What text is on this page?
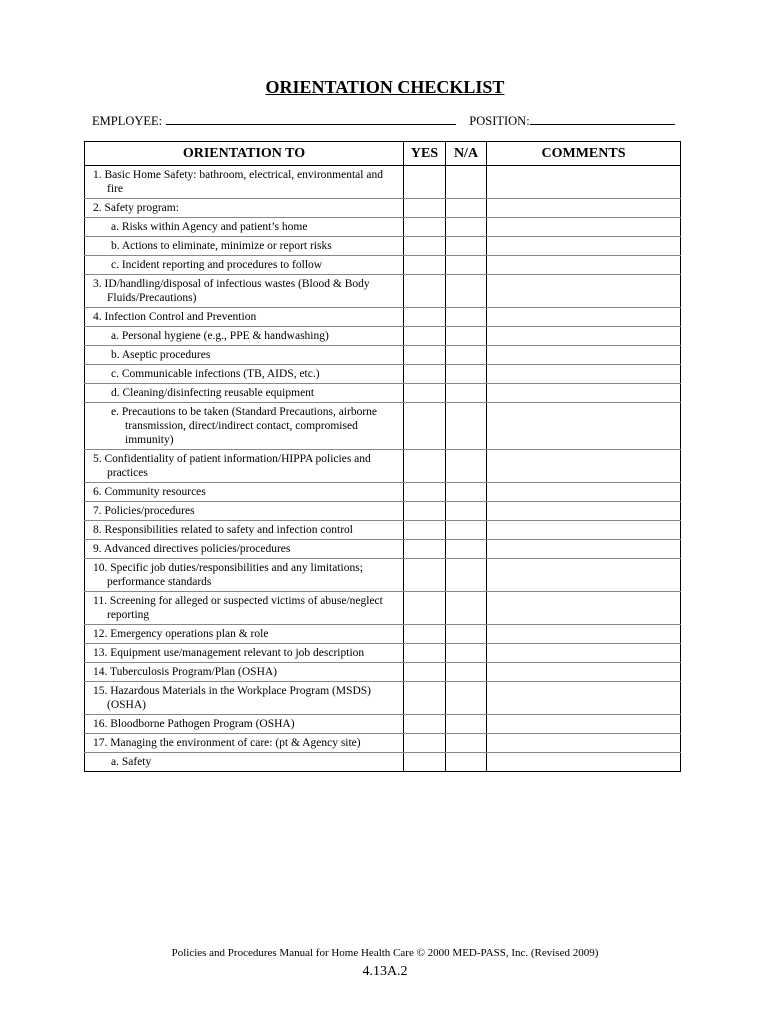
ORIENTATION CHECKLIST
EMPLOYEE:	POSITION:
ORIENTATION TO	YES	N/A	COMMENTS

1. Basic Home Safety: bathroom, electrical, environmental and fire			

2. Safety program:			

a. Risks within Agency and patient’s home			

b. Actions to eliminate, minimize or report risks			

c. Incident reporting and procedures to follow			

3. ID/handling/disposal of infectious wastes (Blood & Body Fluids/Precautions)			

4. Infection Control and Prevention			

a. Personal hygiene (e.g., PPE & handwashing)			

b. Aseptic procedures			

c. Communicable infections (TB, AIDS, etc.)			

d. Cleaning/disinfecting reusable equipment			

e. Precautions to be taken (Standard Precautions, airborne transmission, direct/indirect contact, compromised immunity)			

5. Confidentiality of patient information/HIPPA policies and practices			

6. Community resources			

7. Policies/procedures			

8. Responsibilities related to safety and infection control			

9. Advanced directives policies/procedures			

10. Specific job duties/responsibilities and any limitations; performance standards			

11. Screening for alleged or suspected victims of abuse/neglect reporting			

12. Emergency operations plan & role			

13. Equipment use/management relevant to job description			

14. Tuberculosis Program/Plan (OSHA)			

15. Hazardous Materials in the Workplace Program (MSDS) (OSHA)			

16. Bloodborne Pathogen Program (OSHA)			

17. Managing the environment of care: (pt & Agency site)			

a. Safety			

Policies and Procedures Manual for Home Health Care © 2000 MED-PASS, Inc. (Revised 2009)
4.13A.2
